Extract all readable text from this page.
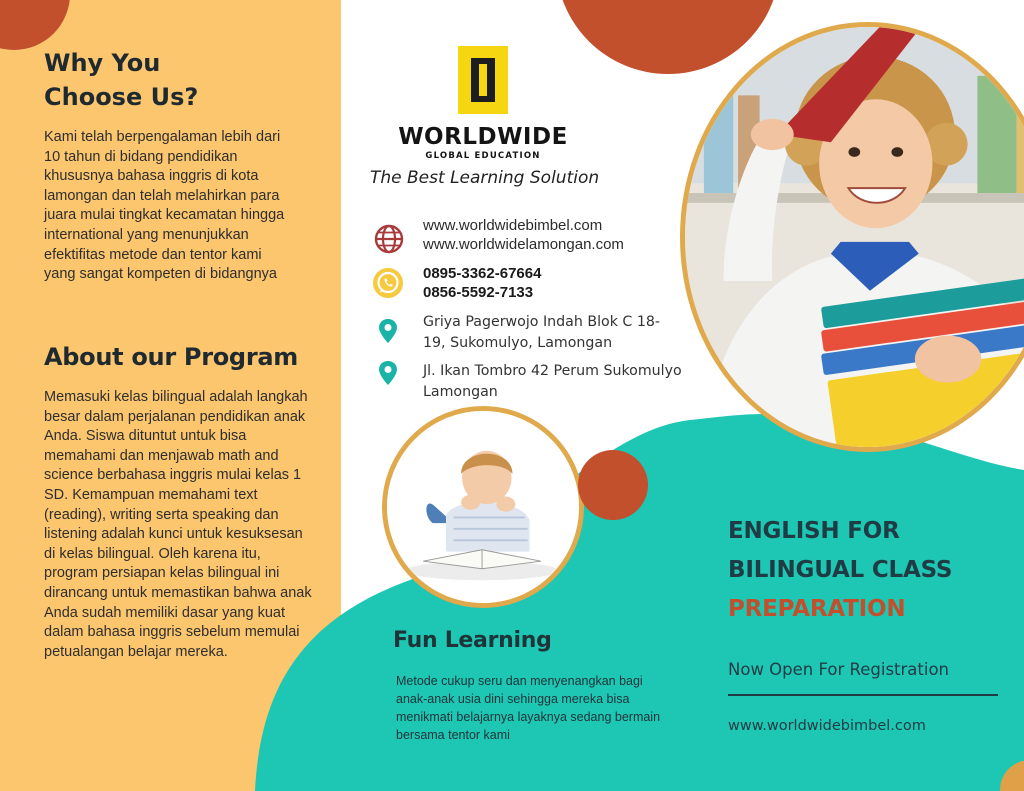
Why You
Choose Us?

Kami telah berpengalaman lebih dari 10 tahun di bidang pendidikan khususnya bahasa inggris di kota lamongan dan telah melahirkan para juara mulai tingkat kecamatan hingga international yang menunjukkan efektifitas metode dan tentor kami yang sangat kompeten di bidangnya

About our Program

Memasuki kelas bilingual adalah langkah besar dalam perjalanan pendidikan anak Anda. Siswa dituntut untuk bisa memahami dan menjawab math and science berbahasa inggris mulai kelas 1 SD. Kemampuan memahami text (reading), writing serta speaking dan listening adalah kunci untuk kesuksesan di kelas bilingual. Oleh karena itu, program persiapan kelas bilingual ini dirancang untuk memastikan bahwa anak Anda sudah memiliki dasar yang kuat dalam bahasa inggris sebelum memulai petualangan belajar mereka.

WORLDWIDE
GLOBAL EDUCATION
The Best Learning Solution
www.worldwidebimbel.com
www.worldwidelamongan.com
0895-3362-67664
0856-5592-7133
Griya Pagerwojo Indah Blok C 18-
19, Sukomulyo, Lamongan
Jl. Ikan Tombro 42 Perum Sukomulyo
Lamongan
Fun Learning

Metode cukup seru dan menyenangkan bagi anak-anak usia dini sehingga mereka bisa menikmati belajarnya layaknya sedang bermain bersama tentor kami

ENGLISH FOR
BILINGUAL CLASS
PREPARATION
Now Open For Registration
www.worldwidebimbel.com
